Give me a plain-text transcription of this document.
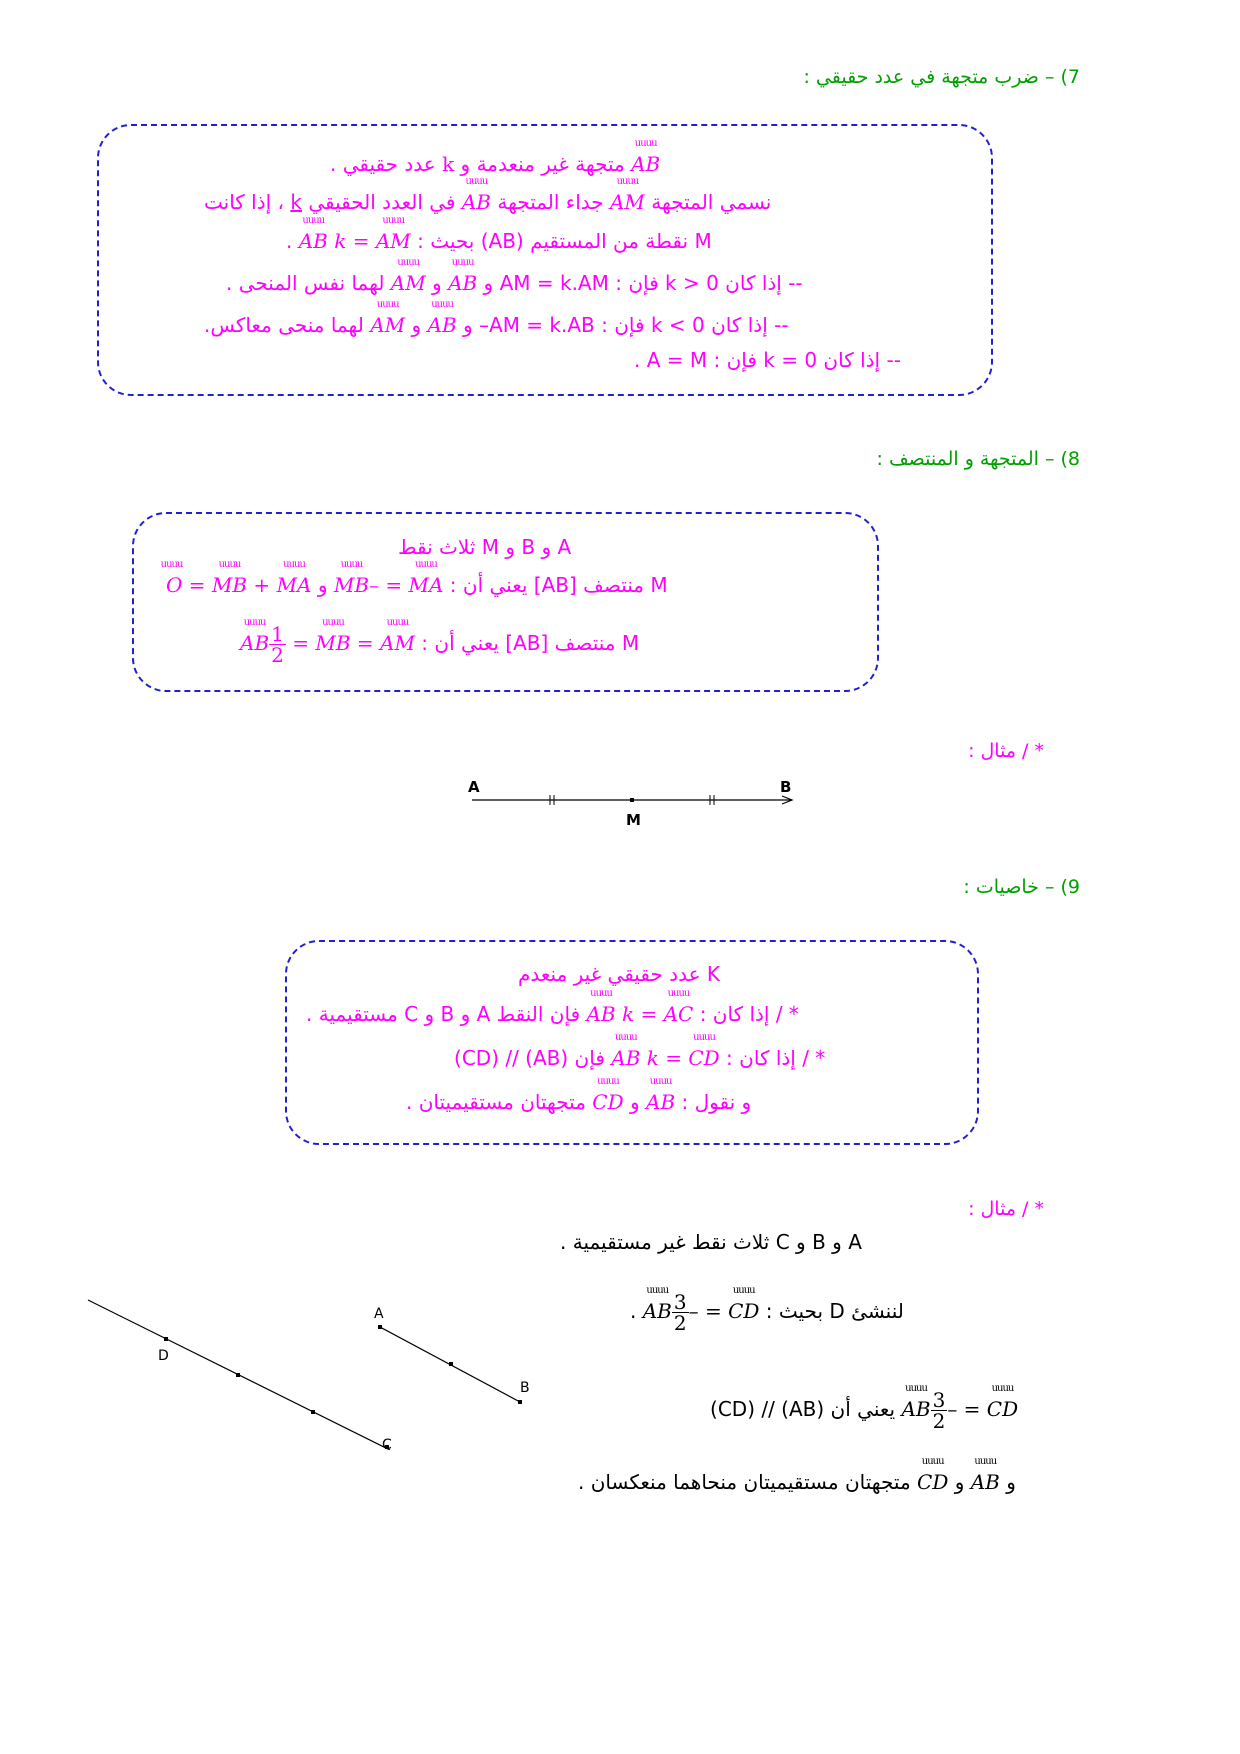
7) – ضرب متجهة في عدد حقيقي :
uuuu AB متجهة غير منعدمة و k عدد حقيقي .
نسمي المتجهة uuuu AM جداء المتجهة uuuu AB في العدد الحقيقي k ، إذا كانت
M نقطة من المستقيم (AB) بحيث : uuuu AM = k uuuu AB .
-- إذا كان k > 0 فإن : AM = k.AM و uuuu AB و uuuu AM لهما نفس المنحى .
-- إذا كان k < 0 فإن : AM = k.AB– و uuuu AB و uuuu AM لهما منحى معاكس.
-- إذا كان k = 0 فإن : A = M .
8) – المتجهة و المنتصف :
A و B و M ثلاث نقط
M منتصف [AB] يعني أن : uuuu MA = –uuuu MB و uuuu MA + uuuu MB = uuuu O
M منتصف [AB] يعني أن : uuuu AM = uuuu MB =
$\frac{1}{2}$
uuuu AB
* / مثال :
A	B
M
9) – خاصيات :
K عدد حقيقي غير منعدم
* / إذا كان : uuuu AC = k uuuu AB فإن النقط A و B و C مستقيمية .
* / إذا كان : uuuu CD = k uuuu AB فإن (AB) // (CD)
و نقول : uuuu AB و uuuu CD متجهتان مستقيميتان .
* / مثال :
A و B و C ثلاث نقط غير مستقيمية .
لننشئ D بحيث : uuuu CD = –
$\frac{3}{2}$
uuuu AB .
uuuu CD = –
$\frac{3}{2}$
uuuu AB يعني أن (AB) // (CD)
و uuuu AB و uuuu CD متجهتان مستقيميتان منحاهما منعكسان .
D
C
A
B
